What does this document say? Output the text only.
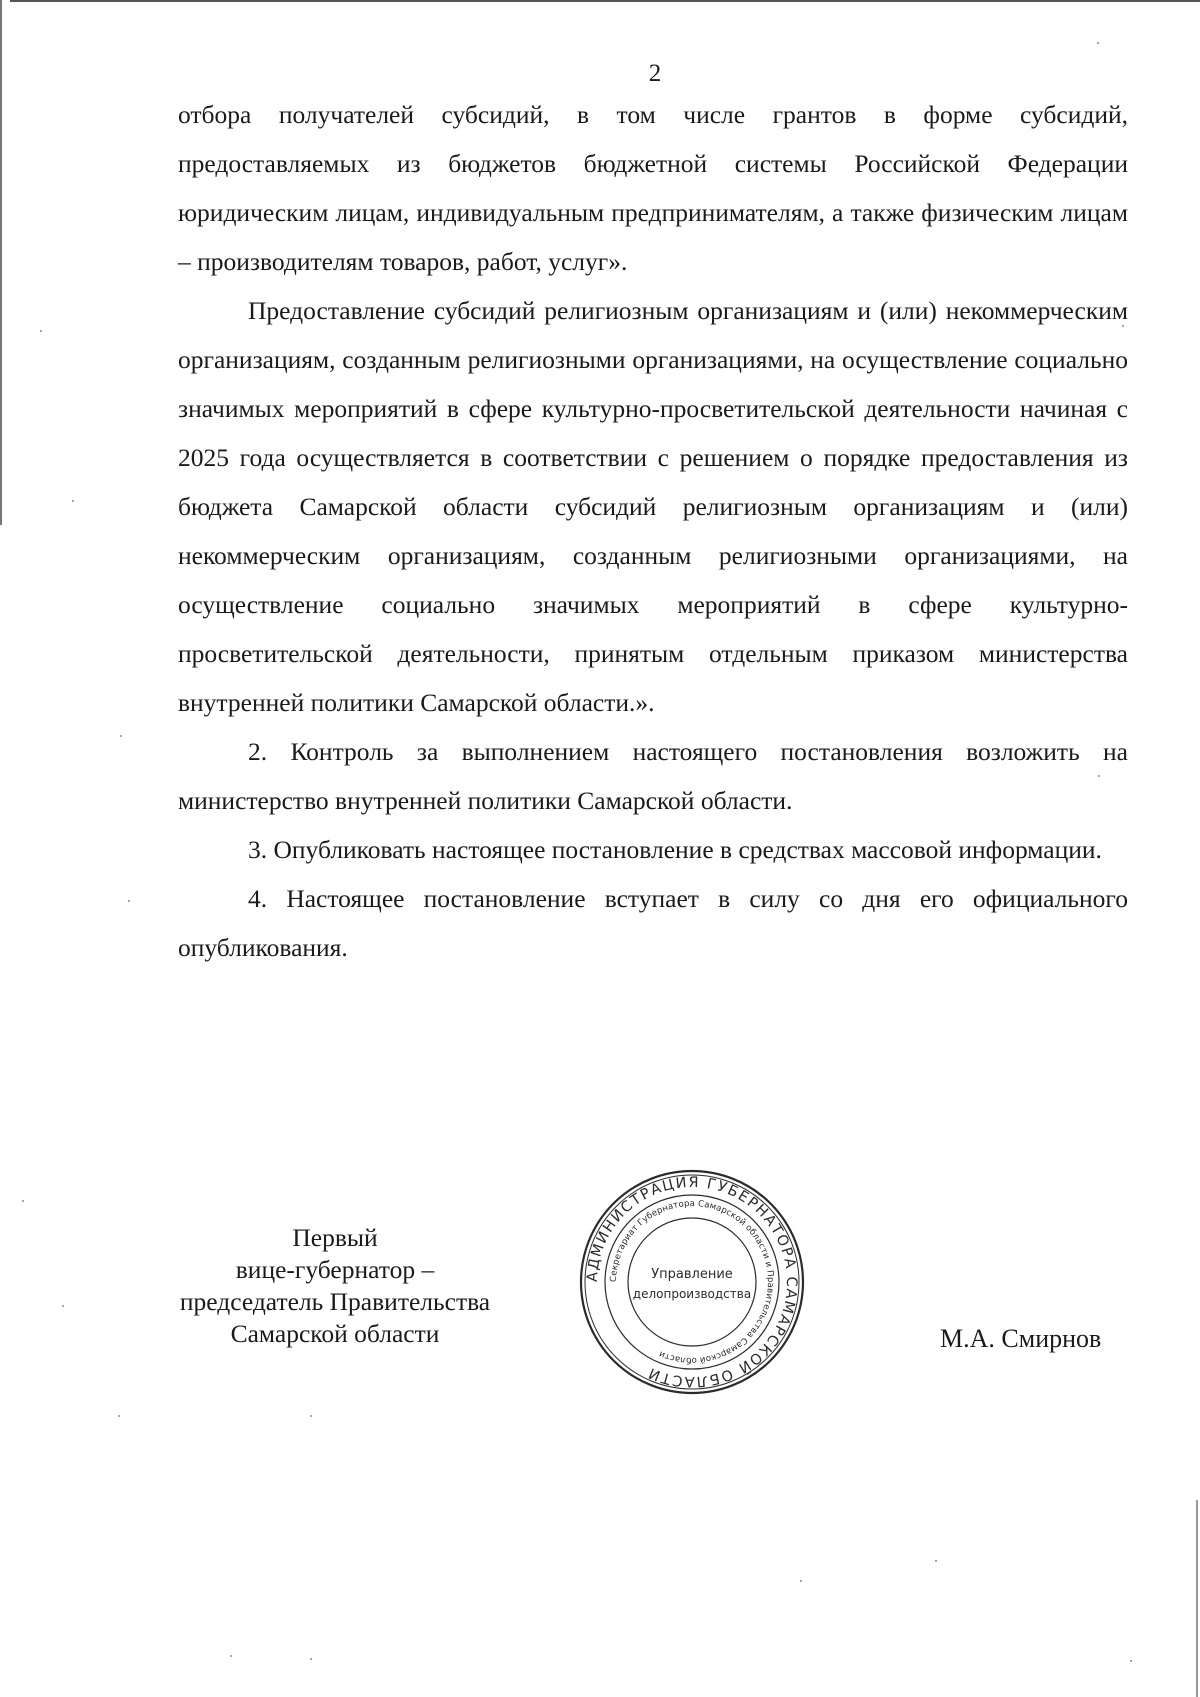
2

отбора получателей субсидий, в том числе грантов в форме субсидий, предоставляемых из бюджетов бюджетной системы Российской Федерации юридическим лицам, индивидуальным предпринимателям, а также физическим лицам – производителям товаров, работ, услуг».

Предоставление субсидий религиозным организациям и (или) некоммерческим организациям, созданным религиозными организациями, на осуществление социально значимых мероприятий в сфере культурно-просветительской деятельности начиная с 2025 года осуществляется в соответствии с решением о порядке предоставления из бюджета Самарской области субсидий религиозным организациям и (или) некоммерческим организациям, созданным религиозными организациями, на осуществление социально значимых мероприятий в сфере культурно-просветительской деятельности, принятым отдельным приказом министерства внутренней политики Самарской области.».

2. Контроль за выполнением настоящего постановления возложить на министерство внутренней политики Самарской области.

3. Опубликовать настоящее постановление в средствах массовой информации.

4. Настоящее постановление вступает в силу со дня его официального опубликования.

Первый
вице-губернатор –
председатель Правительства
Самарской области
АДМИНИСТРАЦИЯ ГУБЕРНАТОРА САМАРСКОЙ ОБЛАСТИ
Секретариат Губернатора Самарской области и Правительства Самарской области
Управление
делопроизводства
М.А. Смирнов
